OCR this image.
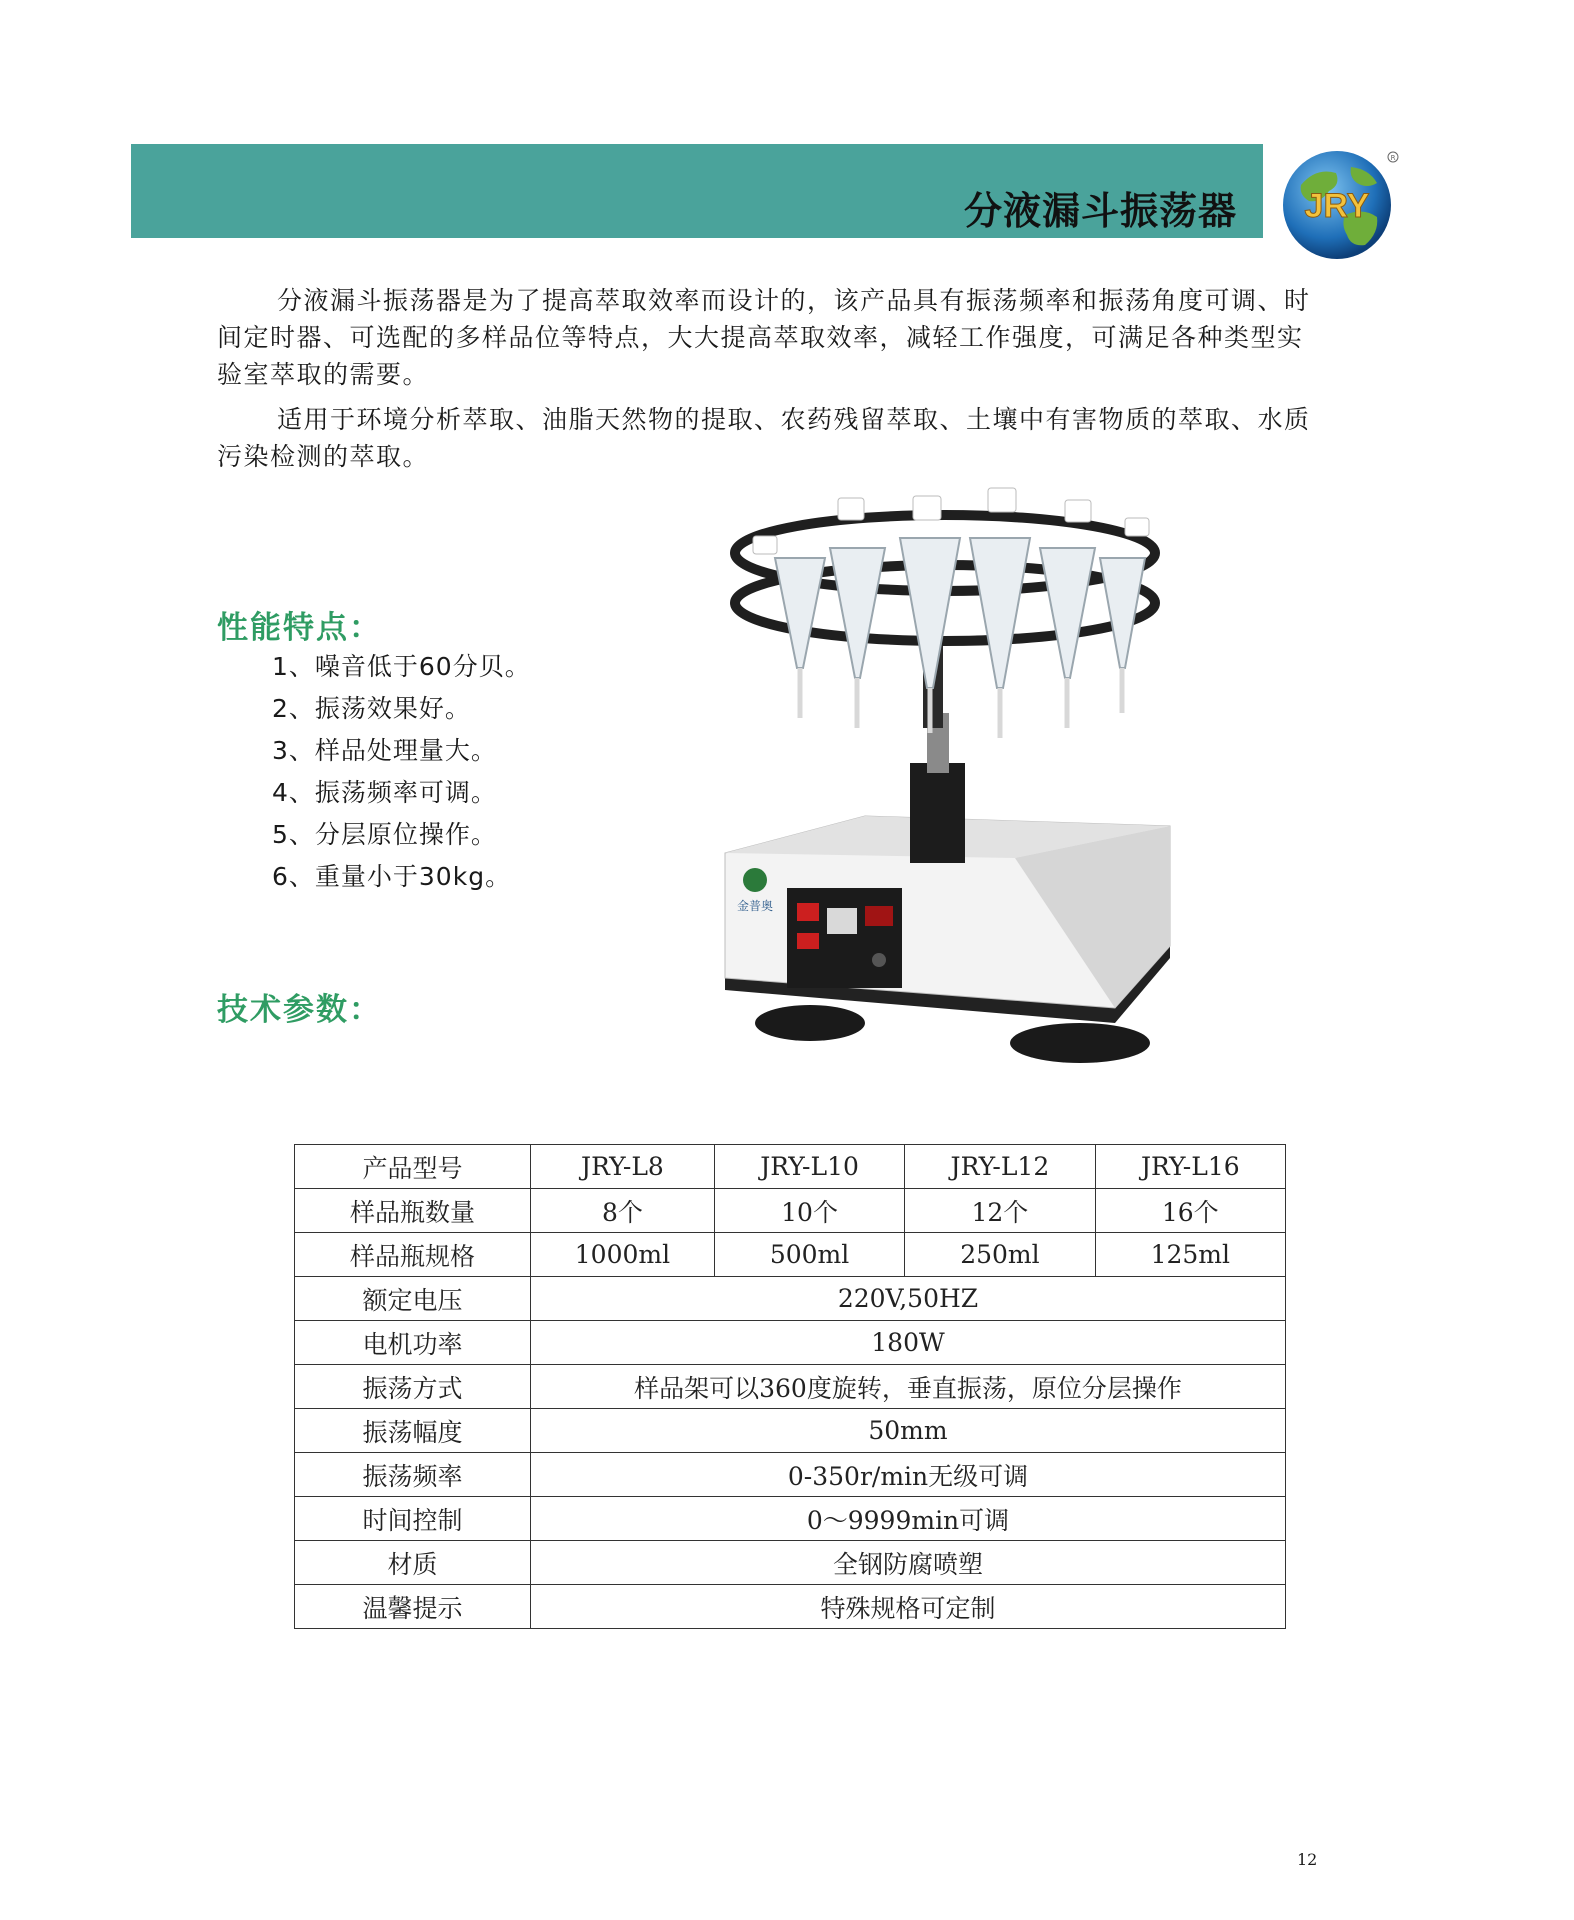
分液漏斗振荡器 JRY
R

分液漏斗振荡器是为了提高萃取效率而设计的，该产品具有振荡频率和振荡角度可调、时间定时器、可选配的多样品位等特点，大大提高萃取效率，减轻工作强度，可满足各种类型实验室萃取的需要。

适用于环境分析萃取、油脂天然物的提取、农药残留萃取、土壤中有害物质的萃取、水质污染检测的萃取。

性能特点：
1、噪音低于60分贝。
2、振荡效果好。
3、样品处理量大。
4、振荡频率可调。
5、分层原位操作。
6、重量小于30kg。
技术参数：
金普奥
产品型号	JRY-L8	JRY-L10	JRY-L12	JRY-L16
样品瓶数量	8个	10个	12个	16个
样品瓶规格	1000ml	500ml	250ml	125ml
额定电压	220V,50HZ			
电机功率	180W			
振荡方式	样品架可以360度旋转，垂直振荡，原位分层操作			
振荡幅度	50mm			
振荡频率	0-350r/min无级可调			
时间控制	0～9999min可调			
材质	全钢防腐喷塑			
温馨提示	特殊规格可定制			
12
